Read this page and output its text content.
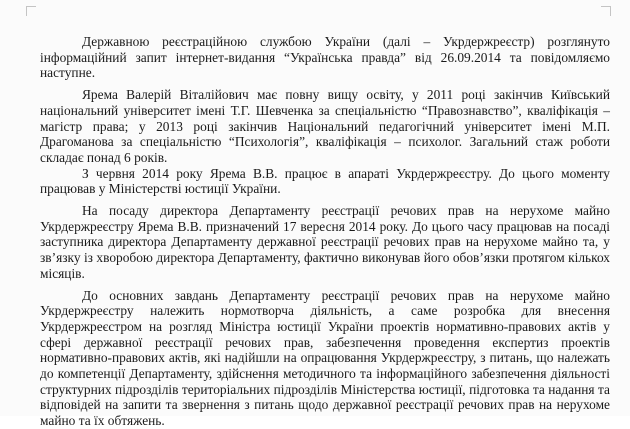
Державною реєстраційною службою України (далі – Укрдержреєстр) розглянуто інформаційний запит інтернет-видання “Українська правда” від 26.09.2014 та повідомляємо наступне.

Ярема Валерій Віталійович має повну вищу освіту, у 2011 році закінчив Київський національний університет імені Т.Г. Шевченка за спеціальністю “Правознавство”, кваліфікація – магістр права; у 2013 році закінчив Національний педагогічний університет імені М.П. Драгоманова за спеціальністю “Психологія”, кваліфікація – психолог. Загальний стаж роботи складає понад 6 років.

З червня 2014 року Ярема В.В. працює в апараті Укрдержреєстру. До цього моменту працював у Міністерстві юстиції України.

На посаду директора Департаменту реєстрації речових прав на нерухоме майно Укрдержреєстру Ярема В.В. призначений 17 вересня 2014 року. До цього часу працював на посаді заступника директора Департаменту державної реєстрації речових прав на нерухоме майно та, у зв’язку із хворобою директора Департаменту, фактично виконував його обов’язки протягом кількох місяців.

До основних завдань Департаменту реєстрації речових прав на нерухоме майно Укрдержреєстру належить нормотворча діяльність, а саме розробка для внесення Укрдержреєстром на розгляд Міністра юстиції України проектів нормативно-правових актів у сфері державної реєстрації речових прав, забезпечення проведення експертиз проектів нормативно-правових актів, які надійшли на опрацювання Укрдержреєстру, з питань, що належать до компетенції Департаменту, здійснення методичного та інформаційного забезпечення діяльності структурних підрозділів територіальних підрозділів Міністерства юстиції, підготовка та надання та відповідей на запити та звернення з питань щодо державної реєстрації речових прав на нерухоме майно та їх обтяжень.
